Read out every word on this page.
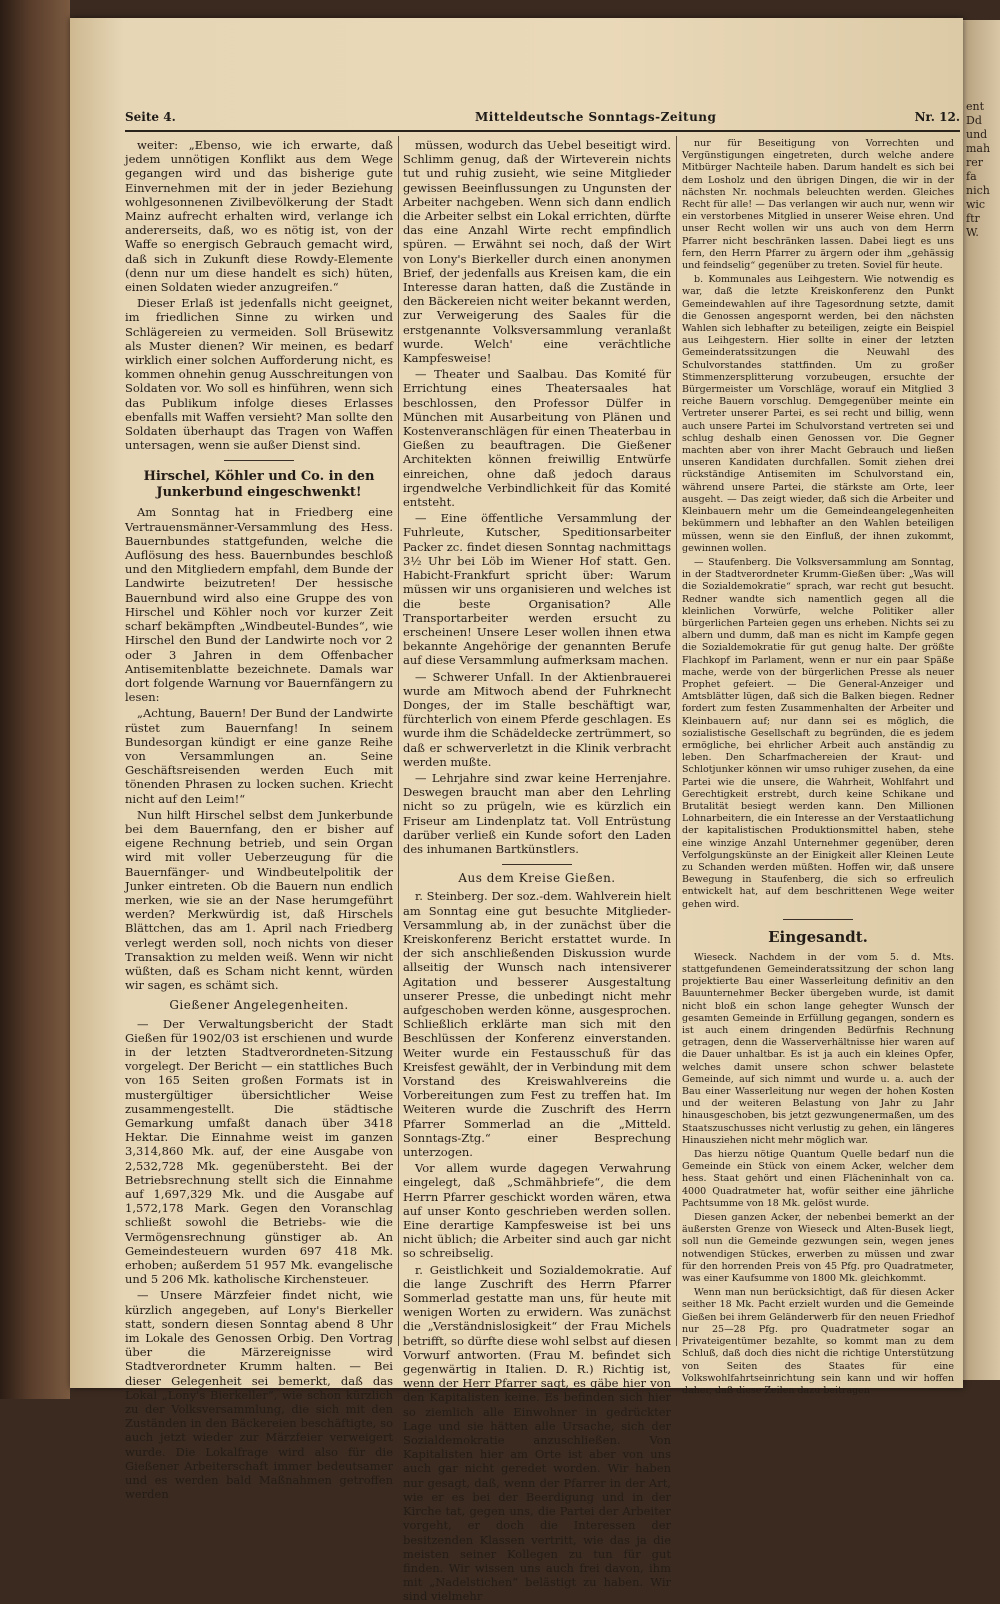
ent
Dd
und
mah
rer
fa
nich
wic
ftr
W.
Seite 4.	Mitteldeutsche Sonntags-Zeitung	Nr. 12.

weiter: „Ebenso, wie ich erwarte, daß jedem unnötigen Konflikt aus dem Wege gegangen wird und das bisherige gute Einvernehmen mit der in jeder Beziehung wohlgesonnenen Zivilbevölkerung der Stadt Mainz aufrecht erhalten wird, verlange ich andererseits, daß, wo es nötig ist, von der Waffe so energisch Gebrauch gemacht wird, daß sich in Zukunft diese Rowdy-Elemente (denn nur um diese handelt es sich) hüten, einen Soldaten wieder anzugreifen.“

Dieser Erlaß ist jedenfalls nicht geeignet, im friedlichen Sinne zu wirken und Schlägereien zu vermeiden. Soll Brüsewitz als Muster dienen? Wir meinen, es bedarf wirklich einer solchen Aufforderung nicht, es kommen ohnehin genug Ausschreitungen von Soldaten vor. Wo soll es hinführen, wenn sich das Publikum infolge dieses Erlasses ebenfalls mit Waffen versieht? Man sollte den Soldaten überhaupt das Tragen von Waffen untersagen, wenn sie außer Dienst sind.

Hirschel, Köhler und Co. in den Junkerbund eingeschwenkt!

Am Sonntag hat in Friedberg eine Vertrauensmänner-Versammlung des Hess. Bauernbundes stattgefunden, welche die Auflösung des hess. Bauernbundes beschloß und den Mitgliedern empfahl, dem Bunde der Landwirte beizutreten! Der hessische Bauernbund wird also eine Gruppe des von Hirschel und Köhler noch vor kurzer Zeit scharf bekämpften „Windbeutel-Bundes“, wie Hirschel den Bund der Landwirte noch vor 2 oder 3 Jahren in dem Offenbacher Antisemitenblatte bezeichnete. Damals war dort folgende Warnung vor Bauernfängern zu lesen:

„Achtung, Bauern! Der Bund der Landwirte rüstet zum Bauernfang! In seinem Bundesorgan kündigt er eine ganze Reihe von Versammlungen an. Seine Geschäftsreisenden werden Euch mit tönenden Phrasen zu locken suchen. Kriecht nicht auf den Leim!“

Nun hilft Hirschel selbst dem Junkerbunde bei dem Bauernfang, den er bisher auf eigene Rechnung betrieb, und sein Organ wird mit voller Ueberzeugung für die Bauernfänger- und Windbeutelpolitik der Junker eintreten. Ob die Bauern nun endlich merken, wie sie an der Nase herumgeführt werden? Merkwürdig ist, daß Hirschels Blättchen, das am 1. April nach Friedberg verlegt werden soll, noch nichts von dieser Transaktion zu melden weiß. Wenn wir nicht wüßten, daß es Scham nicht kennt, würden wir sagen, es schämt sich.

Gießener Angelegenheiten.

— Der Verwaltungsbericht der Stadt Gießen für 1902/03 ist erschienen und wurde in der letzten Stadtverordneten-Sitzung vorgelegt. Der Bericht — ein stattliches Buch von 165 Seiten großen Formats ist in mustergültiger übersichtlicher Weise zusammengestellt. Die städtische Gemarkung umfaßt danach über 3418 Hektar. Die Einnahme weist im ganzen 3,314,860 Mk. auf, der eine Ausgabe von 2,532,728 Mk. gegenübersteht. Bei der Betriebsrechnung stellt sich die Einnahme auf 1,697,329 Mk. und die Ausgabe auf 1,572,178 Mark. Gegen den Voranschlag schließt sowohl die Betriebs- wie die Vermögensrechnung günstiger ab. An Gemeindesteuern wurden 697 418 Mk. erhoben; außerdem 51 957 Mk. evangelische und 5 206 Mk. katholische Kirchensteuer.

— Unsere Märzfeier findet nicht, wie kürzlich angegeben, auf Lony's Bierkeller statt, sondern diesen Sonntag abend 8 Uhr im Lokale des Genossen Orbig. Den Vortrag über die Märzereignisse wird Stadtverordneter Krumm halten. — Bei dieser Gelegenheit sei bemerkt, daß das Lokal „Lony's Bierkeller“, wie schon kürzlich zu der Volksversammlung, die sich mit den Zuständen in den Bäckereien beschäftigte, so auch jetzt wieder zur Märzfeier verweigert wurde. Die Lokalfrage wird also für die Gießener Arbeiterschaft immer bedeutsamer und es werden bald Maßnahmen getroffen werden

müssen, wodurch das Uebel beseitigt wird. Schlimm genug, daß der Wirteverein nichts tut und ruhig zusieht, wie seine Mitglieder gewissen Beeinflussungen zu Ungunsten der Arbeiter nachgeben. Wenn sich dann endlich die Arbeiter selbst ein Lokal errichten, dürfte das eine Anzahl Wirte recht empfindlich spüren. — Erwähnt sei noch, daß der Wirt von Lony's Bierkeller durch einen anonymen Brief, der jedenfalls aus Kreisen kam, die ein Interesse daran hatten, daß die Zustände in den Bäckereien nicht weiter bekannt werden, zur Verweigerung des Saales für die erstgenannte Volksversammlung veranlaßt wurde. Welch' eine verächtliche Kampfesweise!

— Theater und Saalbau. Das Komité für Errichtung eines Theatersaales hat beschlossen, den Professor Dülfer in München mit Ausarbeitung von Plänen und Kostenveranschlägen für einen Theaterbau in Gießen zu beauftragen. Die Gießener Architekten können freiwillig Entwürfe einreichen, ohne daß jedoch daraus irgendwelche Verbindlichkeit für das Komité entsteht.

— Eine öffentliche Versammlung der Fuhrleute, Kutscher, Speditionsarbeiter Packer zc. findet diesen Sonntag nachmittags 3½ Uhr bei Löb im Wiener Hof statt. Gen. Habicht-Frankfurt spricht über: Warum müssen wir uns organisieren und welches ist die beste Organisation? Alle Transportarbeiter werden ersucht zu erscheinen! Unsere Leser wollen ihnen etwa bekannte Angehörige der genannten Berufe auf diese Versammlung aufmerksam machen.

— Schwerer Unfall. In der Aktienbrauerei wurde am Mitwoch abend der Fuhrknecht Donges, der im Stalle beschäftigt war, fürchterlich von einem Pferde geschlagen. Es wurde ihm die Schädeldecke zertrümmert, so daß er schwerverletzt in die Klinik verbracht werden mußte.

— Lehrjahre sind zwar keine Herrenjahre. Deswegen braucht man aber den Lehrling nicht so zu prügeln, wie es kürzlich ein Friseur am Lindenplatz tat. Voll Entrüstung darüber verließ ein Kunde sofort den Laden des inhumanen Bartkünstlers.

Aus dem Kreise Gießen.

r. Steinberg. Der soz.-dem. Wahlverein hielt am Sonntag eine gut besuchte Mitglieder-Versammlung ab, in der zunächst über die Kreiskonferenz Bericht erstattet wurde. In der sich anschließenden Diskussion wurde allseitig der Wunsch nach intensiverer Agitation und besserer Ausgestaltung unserer Presse, die unbedingt nicht mehr aufgeschoben werden könne, ausgesprochen. Schließlich erklärte man sich mit den Beschlüssen der Konferenz einverstanden. Weiter wurde ein Festausschuß für das Kreisfest gewählt, der in Verbindung mit dem Vorstand des Kreiswahlvereins die Vorbereitungen zum Fest zu treffen hat. Im Weiteren wurde die Zuschrift des Herrn Pfarrer Sommerlad an die „Mitteld. Sonntags-Ztg.“ einer Besprechung unterzogen.

Vor allem wurde dagegen Verwahrung eingelegt, daß „Schmähbriefe“, die dem Herrn Pfarrer geschickt worden wären, etwa auf unser Konto geschrieben werden sollen. Eine derartige Kampfesweise ist bei uns nicht üblich; die Arbeiter sind auch gar nicht so schreibselig.

r. Geistlichkeit und Sozialdemokratie. Auf die lange Zuschrift des Herrn Pfarrer Sommerlad gestatte man uns, für heute mit wenigen Worten zu erwidern. Was zunächst die „Verständnislosigkeit“ der Frau Michels betrifft, so dürfte diese wohl selbst auf diesen Vorwurf antworten. (Frau M. befindet sich gegenwärtig in Italien. D. R.) Richtig ist, wenn der Herr Pfarrer sagt, es gäbe hier von den Kapitalisten keine. Es befinden sich hier so ziemlich alle Einwohner in gedrückter Lage und sie hätten alle Ursache, sich der Sozialdemokratie anzuschließen. Von Kapitalisten hier am Orte ist aber von uns auch gar nicht geredet worden. Wir haben nur gesagt, daß, wenn der Pfarrer in der Art, wie er es bei der Beerdigung und in der Kirche tat, gegen uns, die Partei der Arbeiter vorgeht, er doch die Interessen der besitzenden Klassen vertritt, wie das ja die meisten seiner Kollegen zu tun für gut finden. Wir wissen uns auch frei davon, ihm mit „Nadelstichen“ belästigt zu haben. Wir sind vielmehr

nur für Beseitigung von Vorrechten und Vergünstigungen eingetreten, durch welche andere Mitbürger Nachteile haben. Darum handelt es sich bei dem Losholz und den übrigen Dingen, die wir in der nächsten Nr. nochmals beleuchten werden. Gleiches Recht für alle! — Das verlangen wir auch nur, wenn wir ein verstorbenes Mitglied in unserer Weise ehren. Und unser Recht wollen wir uns auch von dem Herrn Pfarrer nicht beschränken lassen. Dabei liegt es uns fern, den Herrn Pfarrer zu ärgern oder ihm „gehässig und feindselig“ gegenüber zu treten. Soviel für heute.

b. Kommunales aus Leihgestern. Wie notwendig es war, daß die letzte Kreiskonferenz den Punkt Gemeindewahlen auf ihre Tagesordnung setzte, damit die Genossen angespornt werden, bei den nächsten Wahlen sich lebhafter zu beteiligen, zeigte ein Beispiel aus Leihgestern. Hier sollte in einer der letzten Gemeinderatssitzungen die Neuwahl des Schulvorstandes stattfinden. Um zu großer Stimmenzersplitterung vorzubeugen, ersuchte der Bürgermeister um Vorschläge, worauf ein Mitglied 3 reiche Bauern vorschlug. Demgegenüber meinte ein Vertreter unserer Partei, es sei recht und billig, wenn auch unsere Partei im Schulvorstand vertreten sei und schlug deshalb einen Genossen vor. Die Gegner machten aber von ihrer Macht Gebrauch und ließen unseren Kandidaten durchfallen. Somit ziehen drei rückständige Antisemiten im Schulvorstand ein, während unsere Partei, die stärkste am Orte, leer ausgeht. — Das zeigt wieder, daß sich die Arbeiter und Kleinbauern mehr um die Gemeindeangelegenheiten bekümmern und lebhafter an den Wahlen beteiligen müssen, wenn sie den Einfluß, der ihnen zukommt, gewinnen wollen.

— Staufenberg. Die Volksversammlung am Sonntag, in der Stadtverordneter Krumm-Gießen über: „Was will die Sozialdemokratie“ sprach, war recht gut besucht. Redner wandte sich namentlich gegen all die kleinlichen Vorwürfe, welche Politiker aller bürgerlichen Parteien gegen uns erheben. Nichts sei zu albern und dumm, daß man es nicht im Kampfe gegen die Sozialdemokratie für gut genug halte. Der größte Flachkopf im Parlament, wenn er nur ein paar Späße mache, werde von der bürgerlichen Presse als neuer Prophet gefeiert. — Die General-Anzeiger und Amtsblätter lügen, daß sich die Balken biegen. Redner fordert zum festen Zusammenhalten der Arbeiter und Kleinbauern auf; nur dann sei es möglich, die sozialistische Gesellschaft zu begründen, die es jedem ermögliche, bei ehrlicher Arbeit auch anständig zu leben. Den Scharfmachereien der Kraut- und Schlotjunker können wir umso ruhiger zusehen, da eine Partei wie die unsere, die Wahrheit, Wohlfahrt und Gerechtigkeit erstrebt, durch keine Schikane und Brutalität besiegt werden kann. Den Millionen Lohnarbeitern, die ein Interesse an der Verstaatlichung der kapitalistischen Produktionsmittel haben, stehe eine winzige Anzahl Unternehmer gegenüber, deren Verfolgungskünste an der Einigkeit aller Kleinen Leute zu Schanden werden müßten. Hoffen wir, daß unsere Bewegung in Staufenberg, die sich so erfreulich entwickelt hat, auf dem beschrittenen Wege weiter gehen wird.

Eingesandt.

Wieseck. Nachdem in der vom 5. d. Mts. stattgefundenen Gemeinderatssitzung der schon lang projektierte Bau einer Wasserleitung definitiv an den Bauunternehmer Becker übergeben wurde, ist damit nicht bloß ein schon lange gehegter Wunsch der gesamten Gemeinde in Erfüllung gegangen, sondern es ist auch einem dringenden Bedürfnis Rechnung getragen, denn die Wasserverhältnisse hier waren auf die Dauer unhaltbar. Es ist ja auch ein kleines Opfer, welches damit unsere schon schwer belastete Gemeinde, auf sich nimmt und wurde u. a. auch der Bau einer Wasserleitung nur wegen der hohen Kosten und der weiteren Belastung von Jahr zu Jahr hinausgeschoben, bis jetzt gezwungenermaßen, um des Staatszuschusses nicht verlustig zu gehen, ein längeres Hinausziehen nicht mehr möglich war.

Das hierzu nötige Quantum Quelle bedarf nun die Gemeinde ein Stück von einem Acker, welcher dem hess. Staat gehört und einen Flächeninhalt von ca. 4000 Quadratmeter hat, wofür seither eine jährliche Pachtsumme von 18 Mk. gelöst wurde.

Diesen ganzen Acker, der nebenbei bemerkt an der äußersten Grenze von Wieseck und Alten-Busek liegt, soll nun die Gemeinde gezwungen sein, wegen jenes notwendigen Stückes, erwerben zu müssen und zwar für den horrenden Preis von 45 Pfg. pro Quadratmeter, was einer Kaufsumme von 1800 Mk. gleichkommt.

Wenn man nun berücksichtigt, daß für diesen Acker seither 18 Mk. Pacht erzielt wurden und die Gemeinde Gießen bei ihrem Geländerwerb für den neuen Friedhof nur 25—28 Pfg. pro Quadratmeter sogar an Privateigentümer bezahlte, so kommt man zu dem Schluß, daß doch dies nicht die richtige Unterstützung von Seiten des Staates für eine Volkswohlfahrtseinrichtung sein kann und wir hoffen daher, daß diese Zeilen dazu beitragen
